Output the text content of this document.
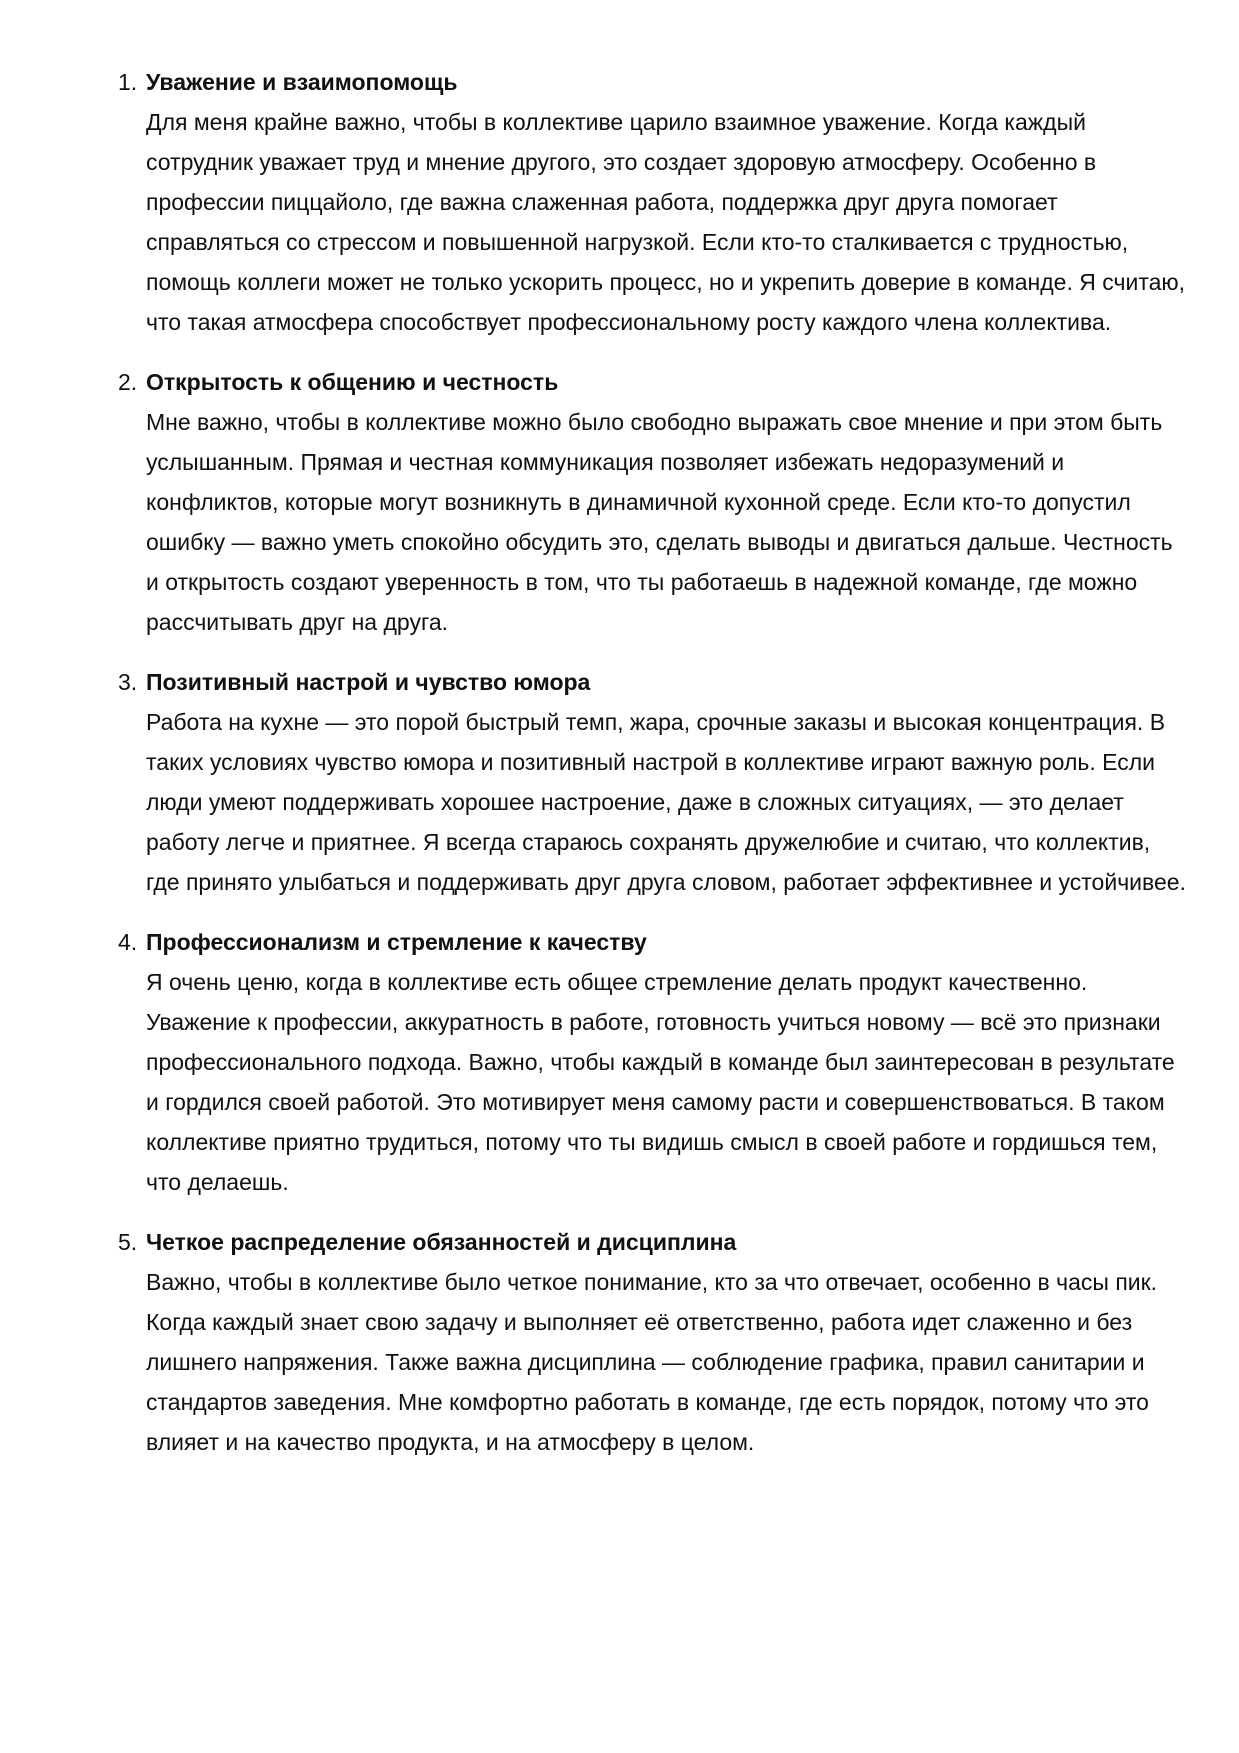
1. Уважение и взаимопомощь

Для меня крайне важно, чтобы в коллективе царило взаимное уважение. Когда каждый сотрудник уважает труд и мнение другого, это создает здоровую атмосферу. Особенно в профессии пиццайоло, где важна слаженная работа, поддержка друг друга помогает справляться со стрессом и повышенной нагрузкой. Если кто-то сталкивается с трудностью, помощь коллеги может не только ускорить процесс, но и укрепить доверие в команде. Я считаю, что такая атмосфера способствует профессиональному росту каждого члена коллектива.

2. Открытость к общению и честность

Мне важно, чтобы в коллективе можно было свободно выражать свое мнение и при этом быть услышанным. Прямая и честная коммуникация позволяет избежать недоразумений и конфликтов, которые могут возникнуть в динамичной кухонной среде. Если кто-то допустил ошибку — важно уметь спокойно обсудить это, сделать выводы и двигаться дальше. Честность и открытость создают уверенность в том, что ты работаешь в надежной команде, где можно рассчитывать друг на друга.

3. Позитивный настрой и чувство юмора

Работа на кухне — это порой быстрый темп, жара, срочные заказы и высокая концентрация. В таких условиях чувство юмора и позитивный настрой в коллективе играют важную роль. Если люди умеют поддерживать хорошее настроение, даже в сложных ситуациях, — это делает работу легче и приятнее. Я всегда стараюсь сохранять дружелюбие и считаю, что коллектив, где принято улыбаться и поддерживать друг друга словом, работает эффективнее и устойчивее.

4. Профессионализм и стремление к качеству

Я очень ценю, когда в коллективе есть общее стремление делать продукт качественно. Уважение к профессии, аккуратность в работе, готовность учиться новому — всё это признаки профессионального подхода. Важно, чтобы каждый в команде был заинтересован в результате и гордился своей работой. Это мотивирует меня самому расти и совершенствоваться. В таком коллективе приятно трудиться, потому что ты видишь смысл в своей работе и гордишься тем, что делаешь.

5. Четкое распределение обязанностей и дисциплина

Важно, чтобы в коллективе было четкое понимание, кто за что отвечает, особенно в часы пик. Когда каждый знает свою задачу и выполняет её ответственно, работа идет слаженно и без лишнего напряжения. Также важна дисциплина — соблюдение графика, правил санитарии и стандартов заведения. Мне комфортно работать в команде, где есть порядок, потому что это влияет и на качество продукта, и на атмосферу в целом.
